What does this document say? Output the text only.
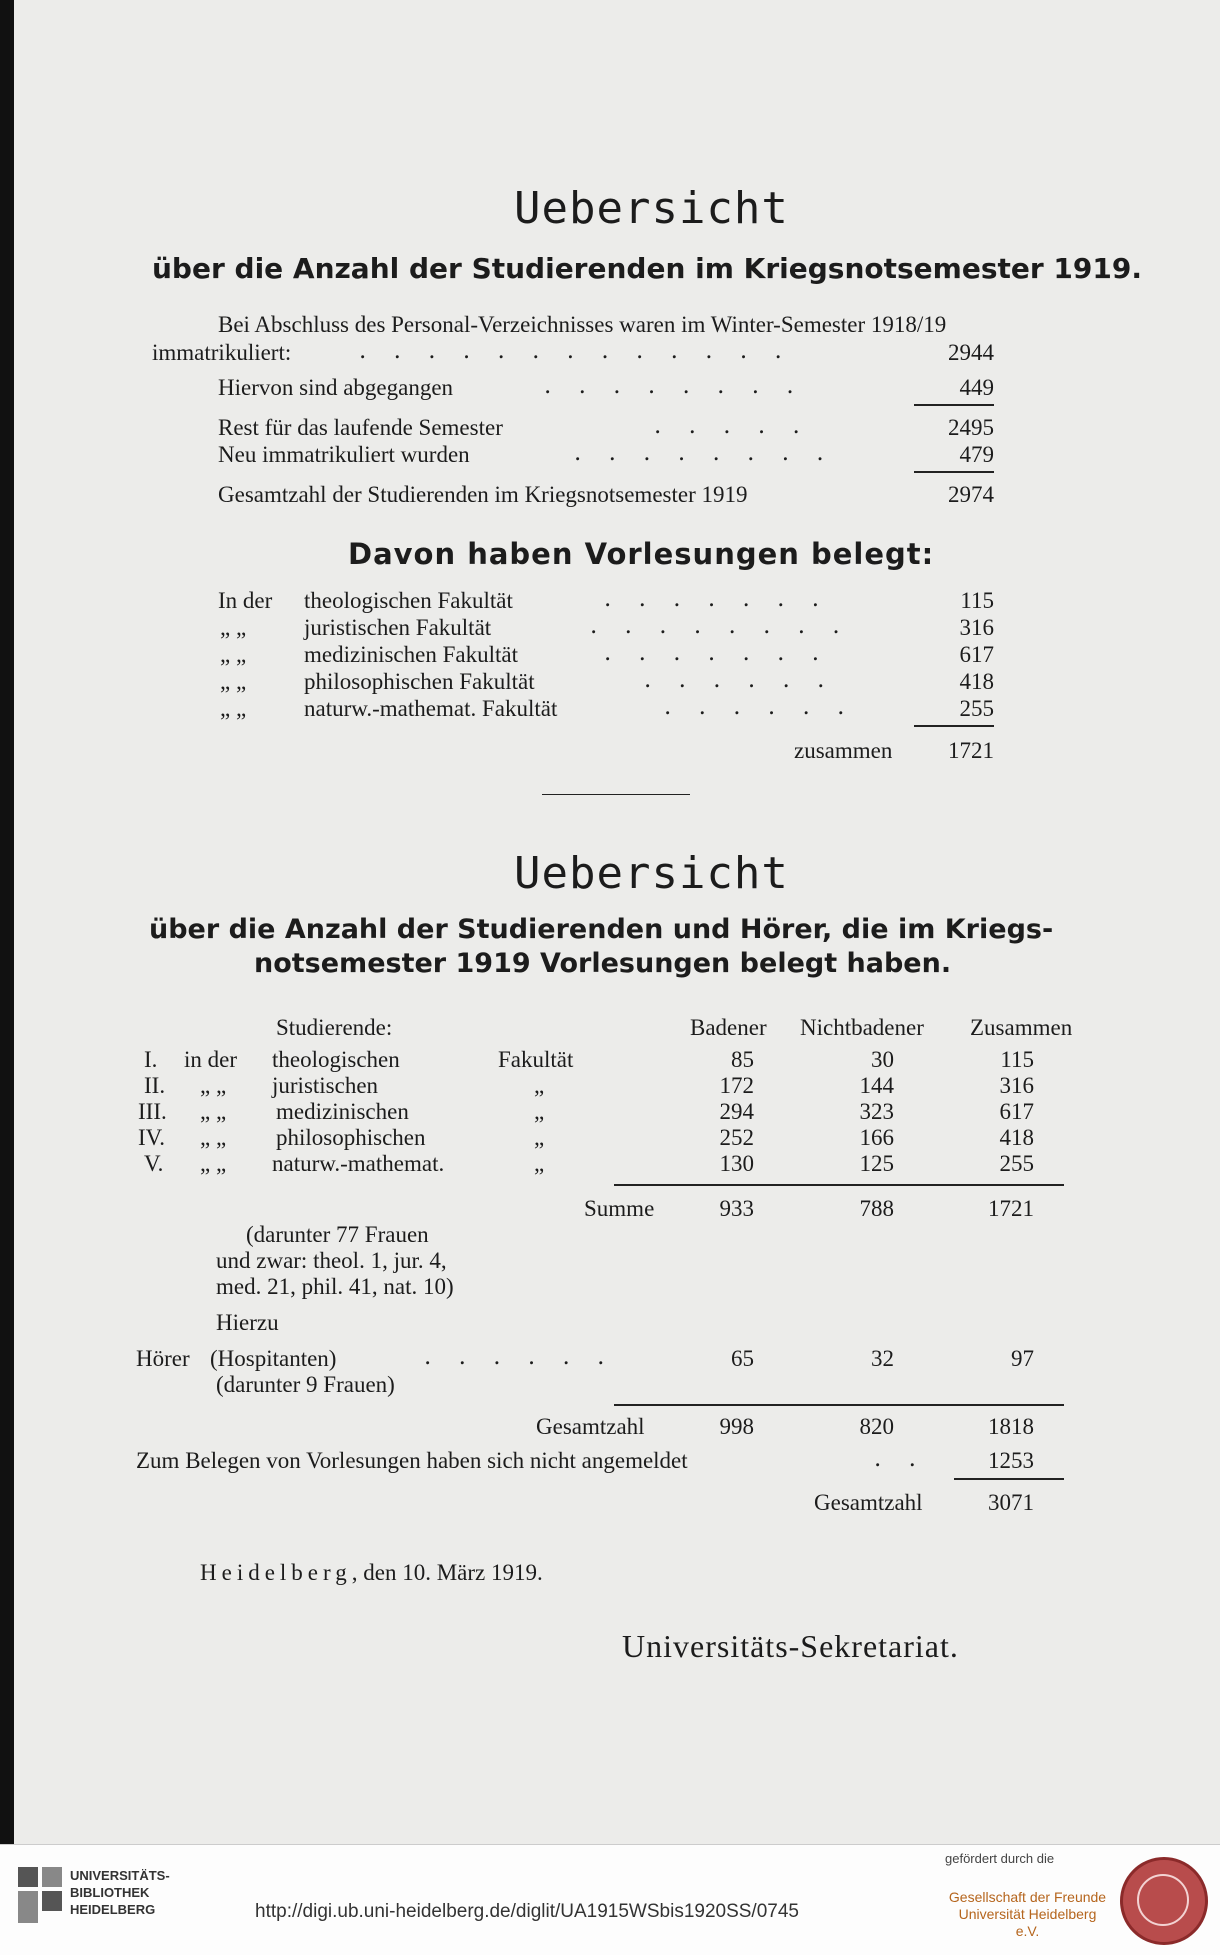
Uebersicht
über die Anzahl der Studierenden im Kriegsnotsemester 1919.
Bei Abschluss des Personal-Verzeichnisses waren im Winter-Semester 1918/19
immatrikuliert:	. . . . . . . . . . . . .	2944
Hiervon sind abgegangen	. . . . . . . .	449
Rest für das laufende Semester	. . . . .	2495
Neu immatrikuliert wurden	. . . . . . . .	479
Gesamtzahl der Studierenden im Kriegsnotsemester 1919	2974
Davon haben Vorlesungen belegt:
In der theologischen Fakultät	. . . . . . .	115
„ „	juristischen Fakultät	. . . . . . . .	316
„ „	medizinischen Fakultät	. . . . . . .	617
„ „	philosophischen Fakultät	. . . . . .	418
„ „	naturw.-mathemat. Fakultät	. . . . . .	255
zusammen	1721
Uebersicht
über die Anzahl der Studierenden und Hörer, die im Kriegs-
notsemester 1919 Vorlesungen belegt haben.
Studierende:	Badener Nichtbadener Zusammen
I. in der theologischen	Fakultät	85	30	115
II. „ „ juristischen	„	172	144	316
III. „ „ medizinischen	„	294	323	617
IV. „ „ philosophischen	„	252	166	418
V. „ „ naturw.-mathemat.	„	130	125	255
Summe	933	788	1721
(darunter 77 Frauen
und zwar: theol. 1, jur. 4,
med. 21, phil. 41, nat. 10)
Hierzu
Hörer (Hospitanten)	. . . . . .	65	32	97
(darunter 9 Frauen)
Gesamtzahl	998	820	1818
Zum Belegen von Vorlesungen haben sich nicht angemeldet	. .	1253
Gesamtzahl	3071
Heidelberg, den 10. März 1919.
Universitäts-Sekretariat.
UNIVERSITÄTS-
BIBLIOTHEK
HEIDELBERG	http://digi.ub.uni-heidelberg.de/diglit/UA1915WSbis1920SS/0745
gefördert durch die
Gesellschaft der Freunde
Universität Heidelberg e.V.
